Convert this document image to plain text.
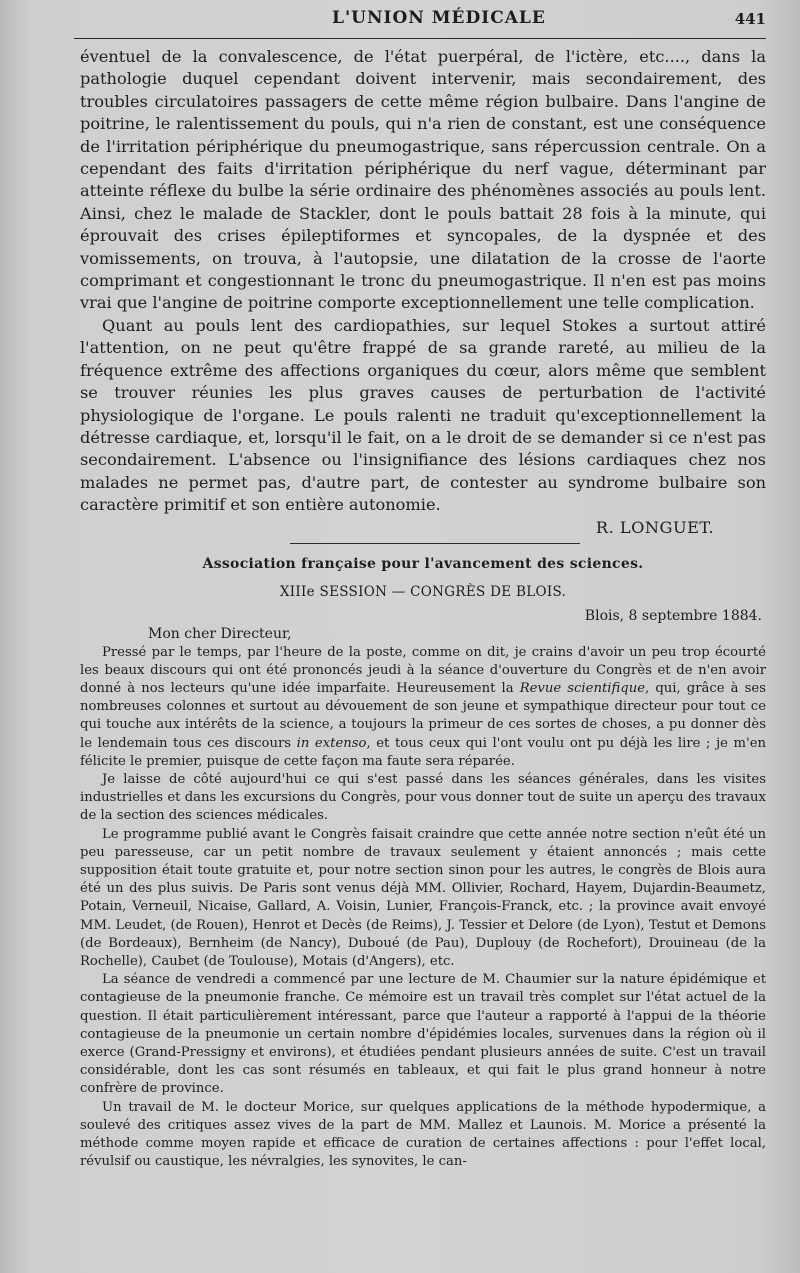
L'UNION MÉDICALE	441

éventuel de la convalescence, de l'état puerpéral, de l'ictère, etc...., dans la pathologie duquel cependant doivent intervenir, mais secondairement, des troubles circulatoires passagers de cette même région bulbaire. Dans l'angine de poitrine, le ralentissement du pouls, qui n'a rien de constant, est une conséquence de l'irritation périphérique du pneumogastrique, sans répercussion centrale. On a cependant des faits d'irritation périphérique du nerf vague, déterminant par atteinte réflexe du bulbe la série ordinaire des phénomènes associés au pouls lent. Ainsi, chez le malade de Stackler, dont le pouls battait 28 fois à la minute, qui éprouvait des crises épileptiformes et syncopales, de la dyspnée et des vomissements, on trouva, à l'autopsie, une dilatation de la crosse de l'aorte comprimant et congestionnant le tronc du pneumogastrique. Il n'en est pas moins vrai que l'angine de poitrine comporte exceptionnellement une telle complication.

Quant au pouls lent des cardiopathies, sur lequel Stokes a surtout attiré l'attention, on ne peut qu'être frappé de sa grande rareté, au milieu de la fréquence extrême des affections organiques du cœur, alors même que semblent se trouver réunies les plus graves causes de perturbation de l'activité physiologique de l'organe. Le pouls ralenti ne traduit qu'exceptionnellement la détresse cardiaque, et, lorsqu'il le fait, on a le droit de se demander si ce n'est pas secondairement. L'absence ou l'insignifiance des lésions cardiaques chez nos malades ne permet pas, d'autre part, de contester au syndrome bulbaire son caractère primitif et son entière autonomie.

R. LONGUET.
Association française pour l'avancement des sciences.
XIIIe SESSION — CONGRÈS DE BLOIS.
Blois, 8 septembre 1884.
Mon cher Directeur,

Pressé par le temps, par l'heure de la poste, comme on dit, je crains d'avoir un peu trop écourté les beaux discours qui ont été prononcés jeudi à la séance d'ouverture du Congrès et de n'en avoir donné à nos lecteurs qu'une idée imparfaite. Heureusement la Revue scientifique, qui, grâce à ses nombreuses colonnes et surtout au dévouement de son jeune et sympathique directeur pour tout ce qui touche aux intérêts de la science, a toujours la primeur de ces sortes de choses, a pu donner dès le lendemain tous ces discours in extenso, et tous ceux qui l'ont voulu ont pu déjà les lire ; je m'en félicite le premier, puisque de cette façon ma faute sera réparée.

Je laisse de côté aujourd'hui ce qui s'est passé dans les séances générales, dans les visites industrielles et dans les excursions du Congrès, pour vous donner tout de suite un aperçu des travaux de la section des sciences médicales.

Le programme publié avant le Congrès faisait craindre que cette année notre section n'eût été un peu paresseuse, car un petit nombre de travaux seulement y étaient annoncés ; mais cette supposition était toute gratuite et, pour notre section sinon pour les autres, le congrès de Blois aura été un des plus suivis. De Paris sont venus déjà MM. Ollivier, Rochard, Hayem, Dujardin-Beaumetz, Potain, Verneuil, Nicaise, Gallard, A. Voisin, Lunier, François-Franck, etc. ; la province avait envoyé MM. Leudet, (de Rouen), Henrot et Decès (de Reims), J. Tessier et Delore (de Lyon), Testut et Demons (de Bordeaux), Bernheim (de Nancy), Duboué (de Pau), Duplouy (de Rochefort), Drouineau (de la Rochelle), Caubet (de Toulouse), Motais (d'Angers), etc.

La séance de vendredi a commencé par une lecture de M. Chaumier sur la nature épidémique et contagieuse de la pneumonie franche. Ce mémoire est un travail très complet sur l'état actuel de la question. Il était particulièrement intéressant, parce que l'auteur a rapporté à l'appui de la théorie contagieuse de la pneumonie un certain nombre d'épidémies locales, survenues dans la région où il exerce (Grand-Pressigny et environs), et étudiées pendant plusieurs années de suite. C'est un travail considérable, dont les cas sont résumés en tableaux, et qui fait le plus grand honneur à notre confrère de province.

Un travail de M. le docteur Morice, sur quelques applications de la méthode hypodermique, a soulevé des critiques assez vives de la part de MM. Mallez et Launois. M. Morice a présenté la méthode comme moyen rapide et efficace de curation de certaines affections : pour l'effet local, révulsif ou caustique, les névralgies, les synovites, le can-
